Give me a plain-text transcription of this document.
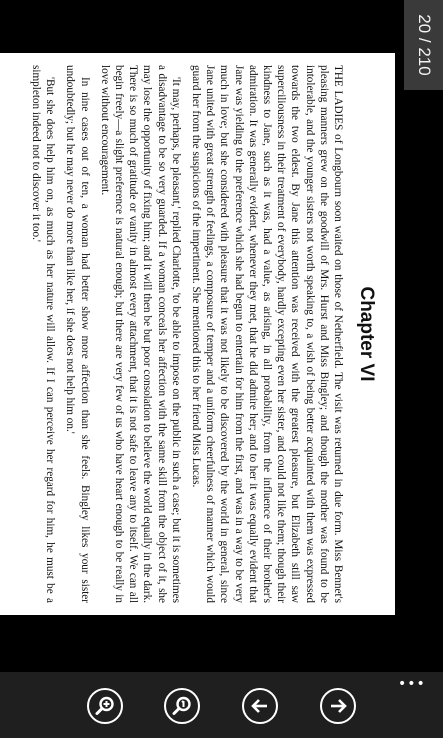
Chapter VI

THE LADIES of Longbourn soon waited on those of Netherfield. The visit was returned in due form. Miss Bennet's pleasing manners grew on the goodwill of Mrs. Hurst and Miss Bingley; and though the mother was found to be intolerable, and the younger sisters not worth speaking to, a wish of being better acquainted with them was expressed towards the two eldest. By Jane this attention was received with the greatest pleasure, but Elizabeth still saw superciliousness in their treatment of everybody, hardly excepting even her sister, and could not like them; though their kindness to Jane, such as it was, had a value, as arising, in all probability, from the influence of their brother's admiration. It was generally evident, whenever they met, that he did admire her; and to her it was equally evident that Jane was yielding to the preference which she had begun to entertain for him from the first, and was in a way to be very much in love; but she considered with pleasure that it was not likely to be discovered by the world in general, since Jane united with great strength of feelings, a composure of temper and a uniform cheerfulness of manner which would guard her from the suspicions of the impertinent. She mentioned this to her friend Miss Lucas.

'It may, perhaps, be pleasant,' replied Charlotte, 'to be able to impose on the public in such a case; but it is sometimes a disadvantage to be so very guarded. If a woman conceals her affection with the same skill from the object of it, she may lose the opportunity of fixing him; and it will then be but poor consolation to believe the world equally in the dark. There is so much of gratitude or vanity in almost every attachment, that it is not safe to leave any to itself. We can all begin freely—a slight preference is natural enough; but there are very few of us who have heart enough to be really in love without encouragement.

In nine cases out of ten, a woman had better show more affection than she feels. Bingley likes your sister undoubtedly; but he may never do more than like her, if she does not help him on.'

'But she does help him on, as much as her nature will allow. If I can perceive her regard for him, he must be a simpleton indeed not to discover it too.'

20 / 210
•••
